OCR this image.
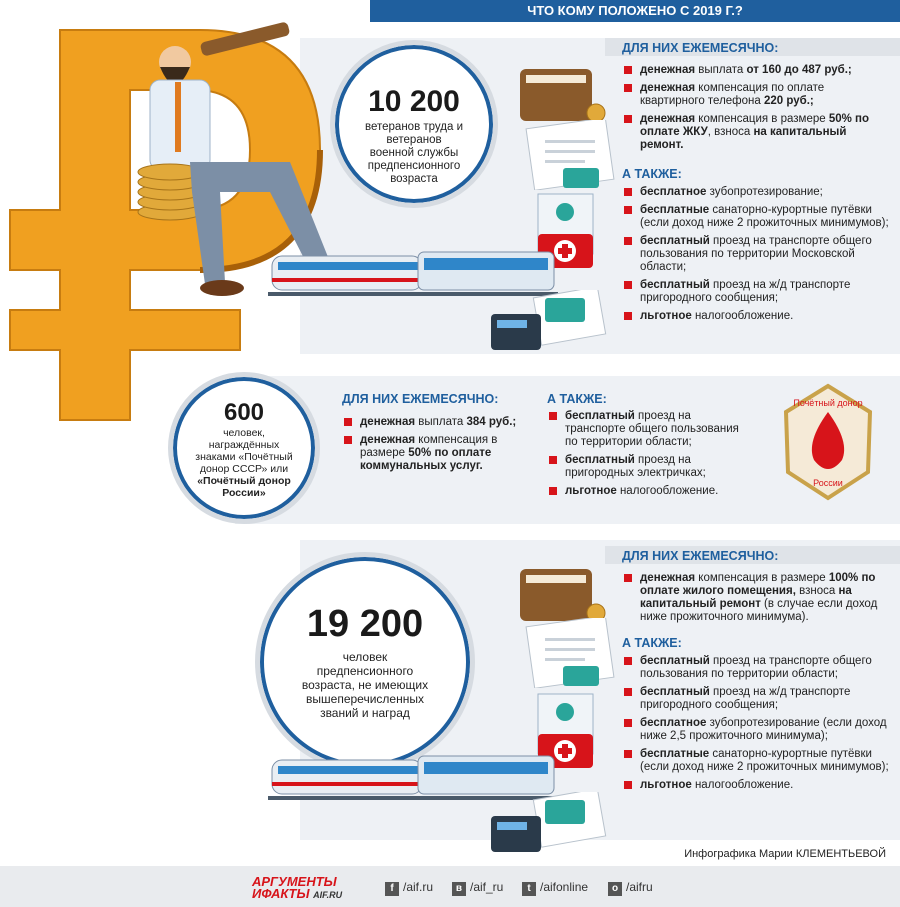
ЧТО КОМУ ПОЛОЖЕНО С 2019 Г.?
10 200
ветеранов труда и ветеранов военной службы предпенсионного возраста
ДЛЯ НИХ ЕЖЕМЕСЯЧНО:
денежная выплата от 160 до 487 руб.;
денежная компенсация по оплате квартирного телефона 220 руб.;
денежная компенсация в размере 50% по оплате ЖКУ, взноса на капитальный ремонт.
А ТАКЖЕ:
бесплатное зубопротезирование;
бесплатные санаторно-курортные путёвки (если доход ниже 2 прожиточных минимумов);
бесплатный проезд на транспорте общего пользования по территории Московской области;
бесплатный проезд на ж/д транспорте пригородного сообщения;
льготное налогообложение.
600
человек, награждённых знаками «Почётный донор СССР» или
«Почётный донор России»
ДЛЯ НИХ ЕЖЕМЕСЯЧНО:
денежная выплата 384 руб.;
денежная компенсация в размере 50% по оплате коммунальных услуг.
А ТАКЖЕ:
бесплатный проезд на транспорте общего пользования по территории области;
бесплатный проезд на пригородных электричках;
льготное налогообложение.
Почётный донор
России
19 200
человек предпенсионного возраста, не имеющих вышеперечисленных званий и наград
ДЛЯ НИХ ЕЖЕМЕСЯЧНО:
денежная компенсация в размере 100% по оплате жилого помещения, взноса на капитальный ремонт (в случае если доход ниже прожиточного минимума).
А ТАКЖЕ:
бесплатный проезд на транспорте общего пользования по территории области;
бесплатный проезд на ж/д транспорте пригородного сообщения;
бесплатное зубопротезирование (если доход ниже 2,5 прожиточного минимума);
бесплатные санаторно-курортные путёвки (если доход ниже 2 прожиточных минимумов);
льготное налогообложение.
Инфографика Марии КЛЕМЕНТЬЕВОЙ
АРГУМЕНТЫ
ИФАКТЫ AIF.RU
f /aif.ru	в /aif_ru	t /aifonline	о /aifru
